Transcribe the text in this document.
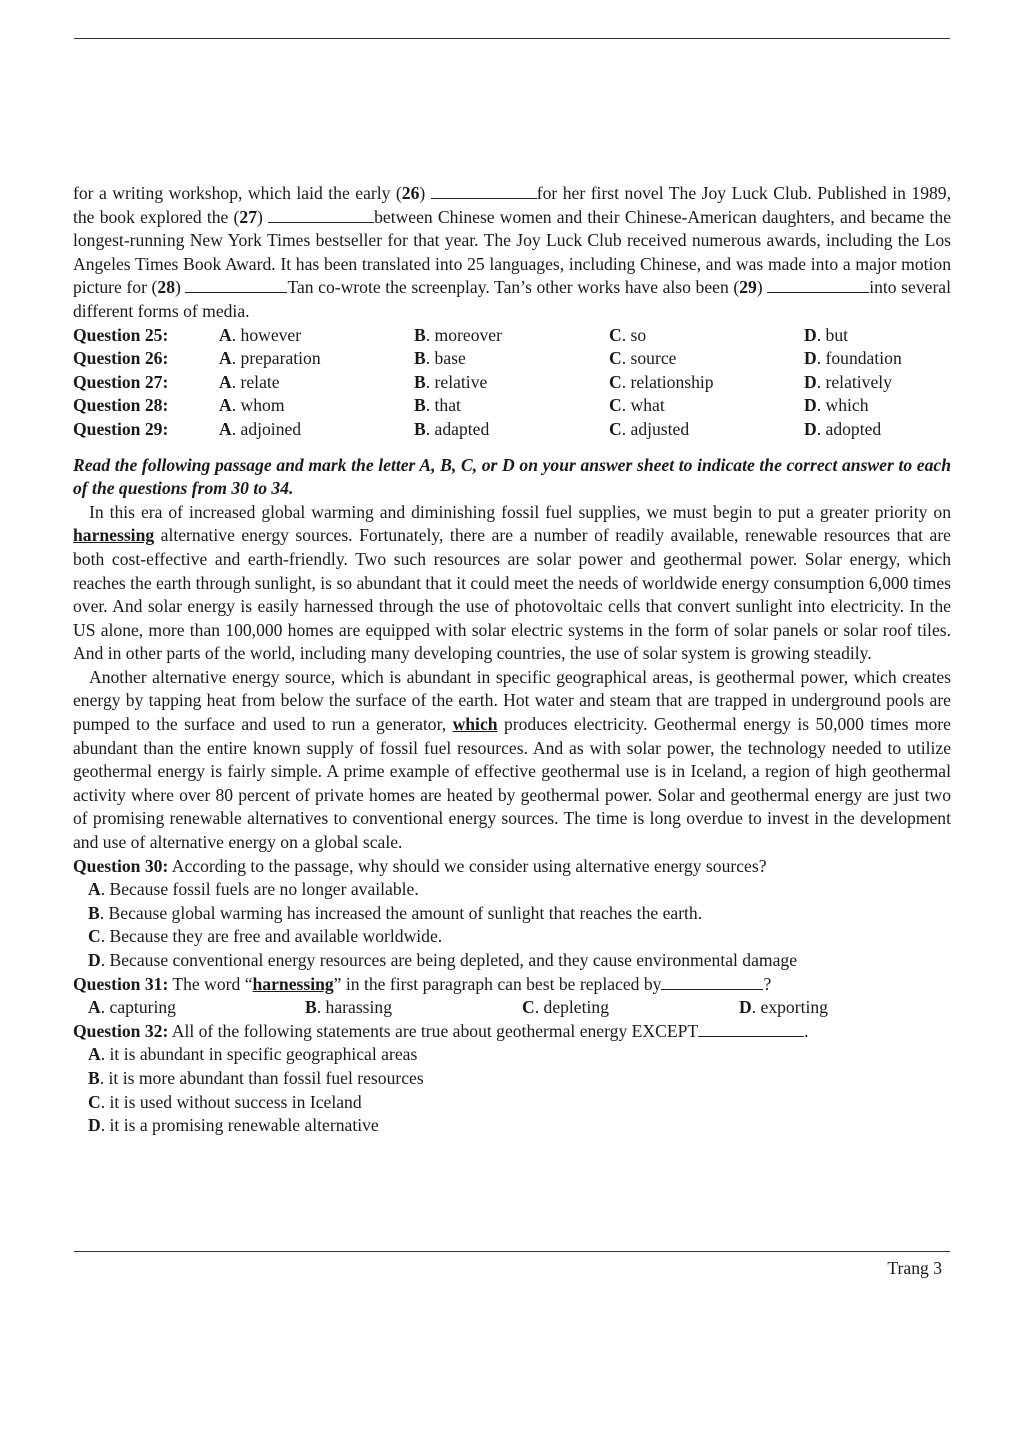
for a writing workshop, which laid the early (26)	for her first novel The Joy Luck Club. Published in 1989, the book explored the (27)	between Chinese women and their Chinese-American daughters, and became the longest-running New York Times bestseller for that year. The Joy Luck Club received numerous awards, including the Los Angeles Times Book Award. It has been translated into 25 languages, including Chinese, and was made into a major motion picture for (28)	Tan co-wrote the screenplay. Tan’s other works have also been (29)	into several different forms of media.

Question 25:	A. however	B. moreover	C. so	D. but
Question 26:	A. preparation	B. base	C. source	D. foundation
Question 27:	A. relate	B. relative	C. relationship	D. relatively
Question 28:	A. whom	B. that	C. what	D. which
Question 29:	A. adjoined	B. adapted	C. adjusted	D. adopted

Read the following passage and mark the letter A, B, C, or D on your answer sheet to indicate the correct answer to each of the questions from 30 to 34.

In this era of increased global warming and diminishing fossil fuel supplies, we must begin to put a greater priority on harnessing alternative energy sources. Fortunately, there are a number of readily available, renewable resources that are both cost-effective and earth-friendly. Two such resources are solar power and geothermal power. Solar energy, which reaches the earth through sunlight, is so abundant that it could meet the needs of worldwide energy consumption 6,000 times over. And solar energy is easily harnessed through the use of photovoltaic cells that convert sunlight into electricity. In the US alone, more than 100,000 homes are equipped with solar electric systems in the form of solar panels or solar roof tiles. And in other parts of the world, including many developing countries, the use of solar system is growing steadily.

Another alternative energy source, which is abundant in specific geographical areas, is geothermal power, which creates energy by tapping heat from below the surface of the earth. Hot water and steam that are trapped in underground pools are pumped to the surface and used to run a generator, which produces electricity. Geothermal energy is 50,000 times more abundant than the entire known supply of fossil fuel resources. And as with solar power, the technology needed to utilize geothermal energy is fairly simple. A prime example of effective geothermal use is in Iceland, a region of high geothermal activity where over 80 percent of private homes are heated by geothermal power. Solar and geothermal energy are just two of promising renewable alternatives to conventional energy sources. The time is long overdue to invest in the development and use of alternative energy on a global scale.

Question 30: According to the passage, why should we consider using alternative energy sources?

A. Because fossil fuels are no longer available.

B. Because global warming has increased the amount of sunlight that reaches the earth.

C. Because they are free and available worldwide.

D. Because conventional energy resources are being depleted, and they cause environmental damage

Question 31: The word “harnessing” in the first paragraph can best be replaced by	?

A. capturing	B. harassing	C. depleting	D. exporting

Question 32: All of the following statements are true about geothermal energy EXCEPT	.

A. it is abundant in specific geographical areas

B. it is more abundant than fossil fuel resources

C. it is used without success in Iceland

D. it is a promising renewable alternative

Trang 3
